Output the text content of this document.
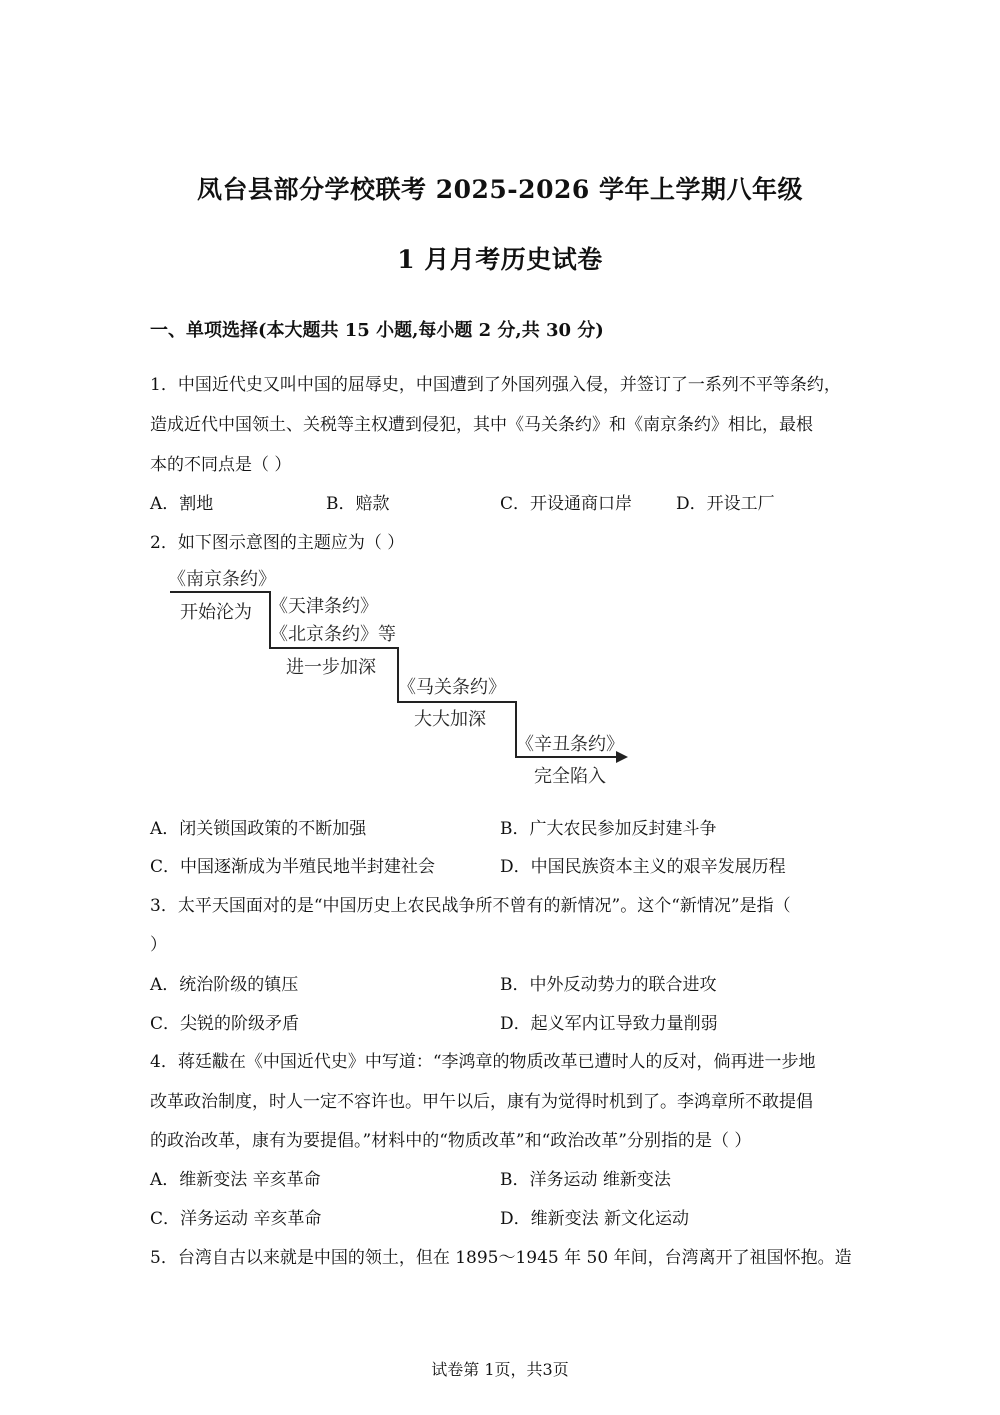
凤台县部分学校联考 2025-2026 学年上学期八年级
1 月月考历史试卷
一、单项选择(本大题共 15 小题,每小题 2 分,共 30 分)
1．中国近代史又叫中国的屈辱史，中国遭到了外国列强入侵，并签订了一系列不平等条约，
造成近代中国领土、关税等主权遭到侵犯，其中《马关条约》和《南京条约》相比，最根
本的不同点是（ ）
A．割地	B．赔款	C．开设通商口岸	D．开设工厂
2．如下图示意图的主题应为（ ）
《南京条约》
开始沦为 《天津条约》
《北京条约》等
进一步加深
《马关条约》
大大加深
《辛丑条约》
完全陷入
A．闭关锁国政策的不断加强	B．广大农民参加反封建斗争
C．中国逐渐成为半殖民地半封建社会	D．中国民族资本主义的艰辛发展历程
3．太平天国面对的是“中国历史上农民战争所不曾有的新情况”。这个“新情况”是指（
）
A．统治阶级的镇压	B．中外反动势力的联合进攻
C．尖锐的阶级矛盾	D．起义军内讧导致力量削弱
4．蒋廷黻在《中国近代史》中写道：“李鸿章的物质改革已遭时人的反对，倘再进一步地
改革政治制度，时人一定不容许也。甲午以后，康有为觉得时机到了。李鸿章所不敢提倡
的政治改革，康有为要提倡。”材料中的“物质改革”和“政治改革”分别指的是（ ）
A．维新变法 辛亥革命	B．洋务运动 维新变法
C．洋务运动 辛亥革命	D．维新变法 新文化运动
5．台湾自古以来就是中国的领土，但在 1895～1945 年 50 年间，台湾离开了祖国怀抱。造
试卷第 1页，共3页
